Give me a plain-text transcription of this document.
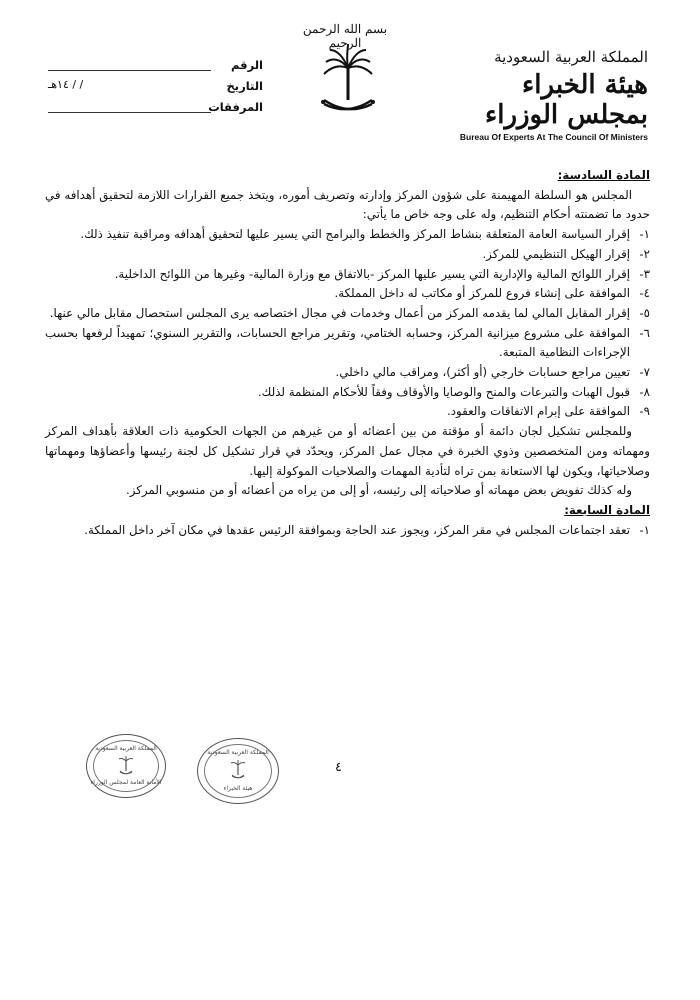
المملكة العربية السعودية
هيئة الخبراء بمجلس الوزراء
Bureau Of Experts At The Council Of Ministers
بسم الله الرحمن الرحيم
الرقم
التاريخ
/ / ١٤هـ
المرفقات

المادة السادسة:

المجلس هو السلطة المهيمنة على شؤون المركز وإدارته وتصريف أموره، ويتخذ جميع القرارات اللازمة لتحقيق أهدافه في حدود ما تضمنته أحكام التنظيم، وله على وجه خاص ما يأتي:

١-
إقرار السياسة العامة المتعلقة بنشاط المركز والخطط والبرامج التي يسير عليها لتحقيق أهدافه ومراقبة تنفيذ ذلك.
٢-
إقرار الهيكل التنظيمي للمركز.
٣-
إقرار اللوائح المالية والإدارية التي يسير عليها المركز -بالاتفاق مع وزارة المالية- وغيرها من اللوائح الداخلية.
٤-
الموافقة على إنشاء فروع للمركز أو مكاتب له داخل المملكة.
٥-
إقرار المقابل المالي لما يقدمه المركز من أعمال وخدمات في مجال اختصاصه يرى المجلس استحصال مقابل مالي عنها.
٦-
الموافقة على مشروع ميزانية المركز، وحسابه الختامي، وتقرير مراجع الحسابات، والتقرير السنوي؛ تمهيداً لرفعها بحسب الإجراءات النظامية المتبعة.
٧-
تعيين مراجع حسابات خارجي (أو أكثر)، ومراقب مالي داخلي.
٨-
قبول الهبات والتبرعات والمنح والوصايا والأوقاف وفقاً للأحكام المنظمة لذلك.
٩-
الموافقة على إبرام الاتفاقات والعقود.

وللمجلس تشكيل لجان دائمة أو مؤقتة من بين أعضائه أو من غيرهم من الجهات الحكومية ذات العلاقة بأهداف المركز ومهماته ومن المتخصصين وذوي الخبرة في مجال عمل المركز، ويحدّد في قرار تشكيل كل لجنة رئيسها وأعضاؤها ومهماتها وصلاحياتها، ويكون لها الاستعانة بمن تراه لتأدية المهمات والصلاحيات الموكولة إليها.

وله كذلك تفويض بعض مهماته أو صلاحياته إلى رئيسه، أو إلى من يراه من أعضائه أو من منسوبي المركز.

المادة السابعة:

١-
تعقد اجتماعات المجلس في مقر المركز، ويجوز عند الحاجة وبموافقة الرئيس عقدها في مكان آخر داخل المملكة.
المملكة العربية السعودية
الأمانة العامة لمجلس الوزراء
المملكة العربية السعودية
هيئة الخبراء
٤
